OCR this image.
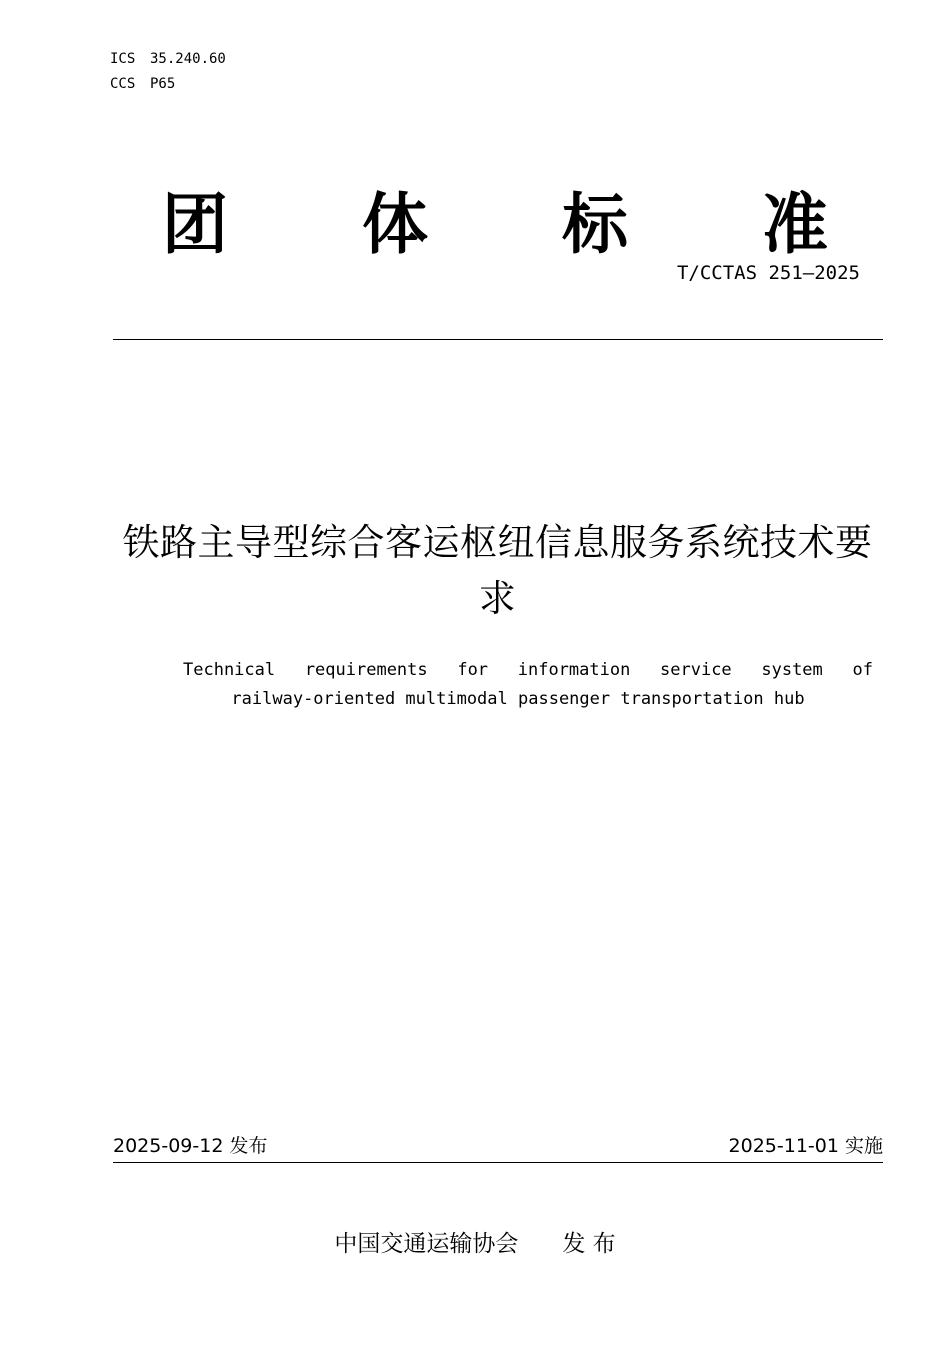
ICS 35.240.60
CCS P65
团	体	标	准
T/CCTAS 251—2025
铁路主导型综合客运枢纽信息服务系统技术要求
Technical requirements for information service system of
railway-oriented multimodal passenger transportation hub
2025-09-12 发布	2025-11-01 实施
中国交通运输协会 发 布
